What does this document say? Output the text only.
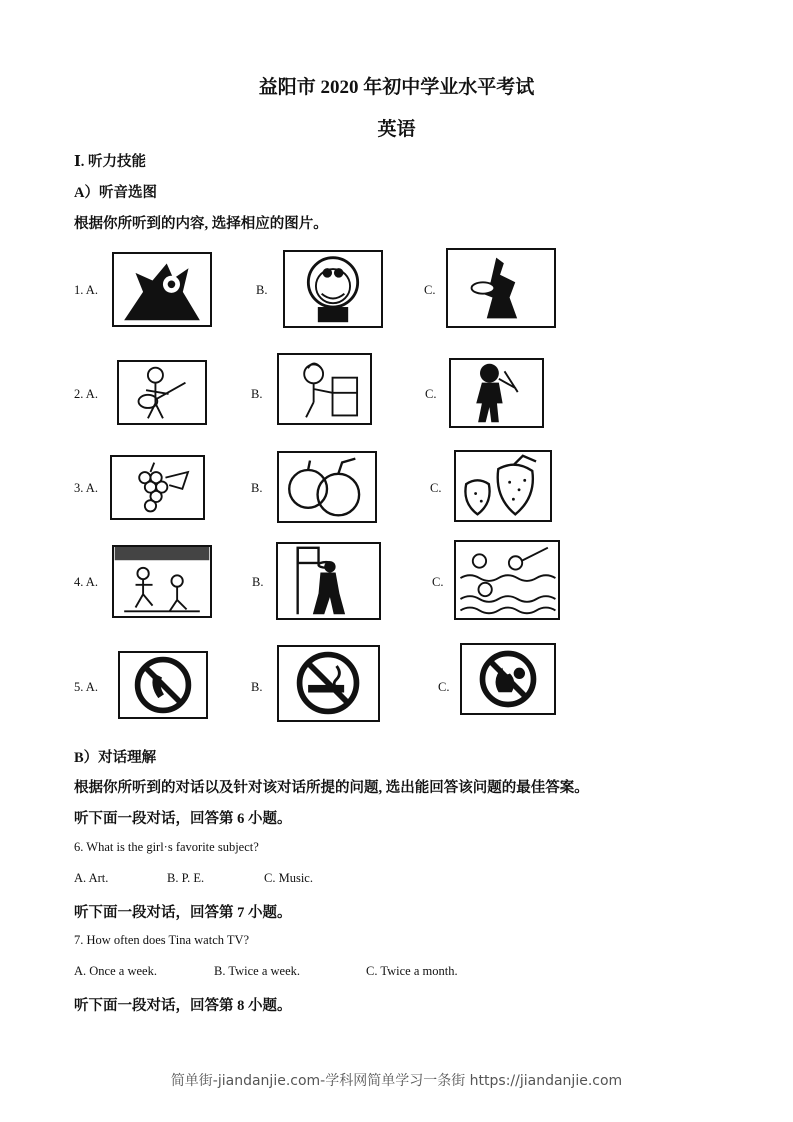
益阳市 2020 年初中学业水平考试
英语
Ⅰ. 听力技能
A）听音选图
根据你所听到的内容, 选择相应的图片。
1. A.	B.	C.
2. A.	B.	C.
3. A.	B.	C.
4. A.	B.	C.
5. A.	B.	C.
B）对话理解
根据你所听到的对话以及针对该对话所提的问题, 选出能回答该问题的最佳答案。
听下面一段对话，回答第 6 小题。
6. What is the girl·s favorite subject?
A. Art.	B. P. E.	C. Music.
听下面一段对话，回答第 7 小题。
7. How often does Tina watch TV?
A. Once a week.	B. Twice a week.	C. Twice a month.
听下面一段对话，回答第 8 小题。
简单街-jiandanjie.com-学科网简单学习一条街 https://jiandanjie.com
